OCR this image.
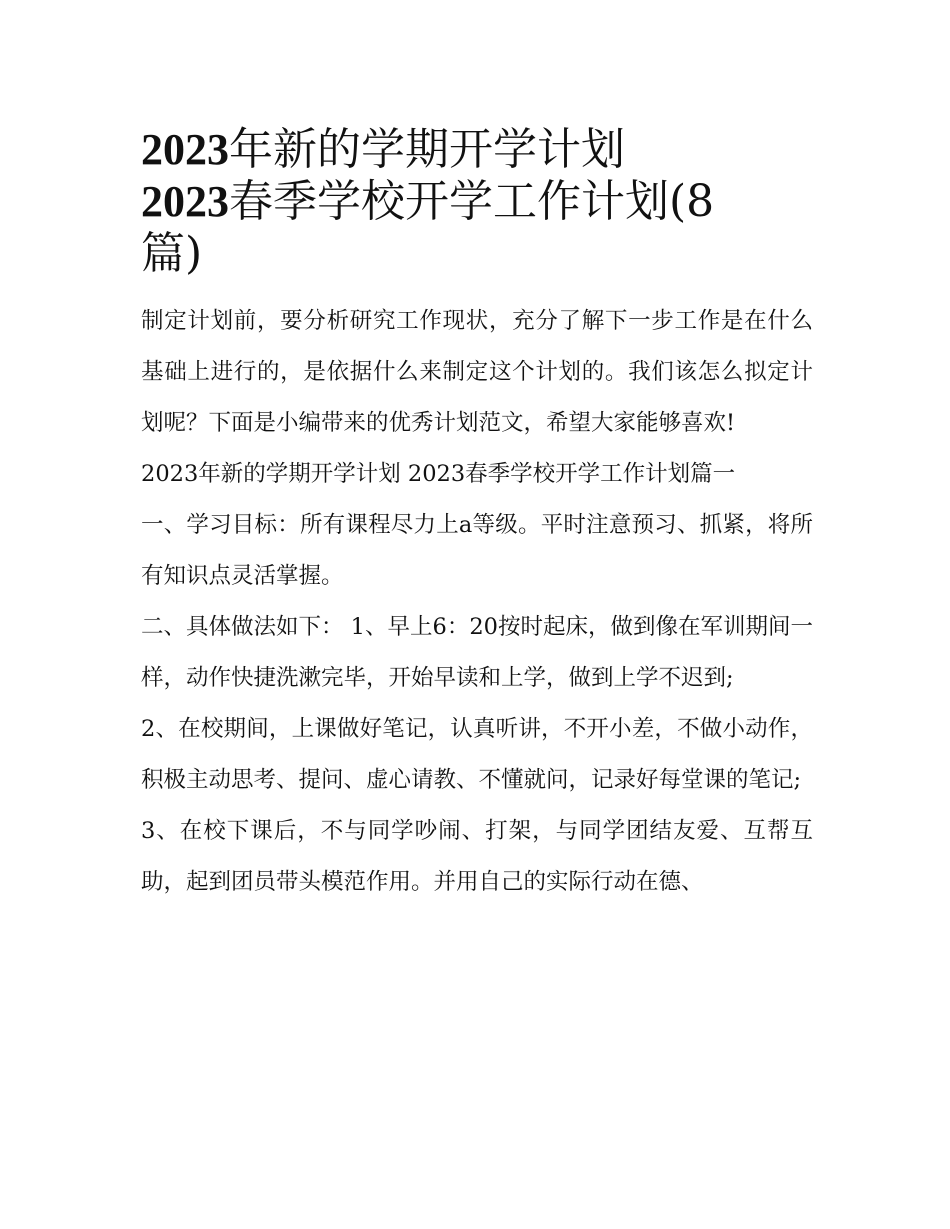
2023年新的学期开学计划
2023春季学校开学工作计划(8
篇)

制定计划前，要分析研究工作现状，充分了解下一步工作是在什么基础上进行的，是依据什么来制定这个计划的。我们该怎么拟定计划呢？下面是小编带来的优秀计划范文，希望大家能够喜欢!

2023年新的学期开学计划 2023春季学校开学工作计划篇一

一、学习目标：所有课程尽力上a等级。平时注意预习、抓紧，将所有知识点灵活掌握。

二、具体做法如下： 1、早上6：20按时起床，做到像在军训期间一样，动作快捷洗漱完毕，开始早读和上学，做到上学不迟到;

2、在校期间，上课做好笔记，认真听讲，不开小差，不做小动作，积极主动思考、提问、虚心请教、不懂就问，记录好每堂课的笔记;

3、在校下课后，不与同学吵闹、打架，与同学团结友爱、互帮互助，起到团员带头模范作用。并用自己的实际行动在德、
